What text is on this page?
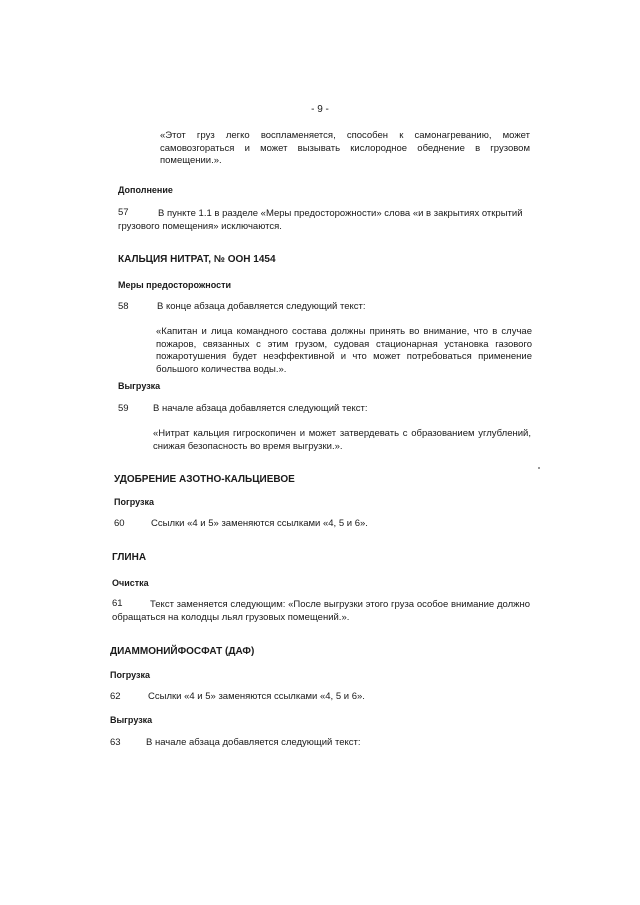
- 9 -
«Этот груз легко воспламеняется, способен к самонагреванию, может самовозгораться и может вызывать кислородное обеднение в грузовом помещении.».
Дополнение
57	В пункте 1.1 в разделе «Меры предосторожности» слова «и в закрытиях открытий грузового помещения» исключаются.
КАЛЬЦИЯ НИТРАТ, № ООН 1454
Меры предосторожности
58	В конце абзаца добавляется следующий текст:
«Капитан и лица командного состава должны принять во внимание, что в случае пожаров, связанных с этим грузом, судовая стационарная установка газового пожаротушения будет неэффективной и что может потребоваться применение большого количества воды.».
Выгрузка
59	В начале абзаца добавляется следующий текст:
«Нитрат кальция гигроскопичен и может затвердевать с образованием углублений, снижая безопасность во время выгрузки.».
УДОБРЕНИЕ АЗОТНО-КАЛЬЦИЕВОЕ
Погрузка
60	Ссылки «4 и 5» заменяются ссылками «4, 5 и 6».
ГЛИНА
Очистка
61	Текст заменяется следующим: «После выгрузки этого груза особое внимание должно обращаться на колодцы льял грузовых помещений.».
ДИАММОНИЙФОСФАТ (ДАФ)
Погрузка
62	Ссылки «4 и 5» заменяются ссылками «4, 5 и 6».
Выгрузка
63	В начале абзаца добавляется следующий текст:
